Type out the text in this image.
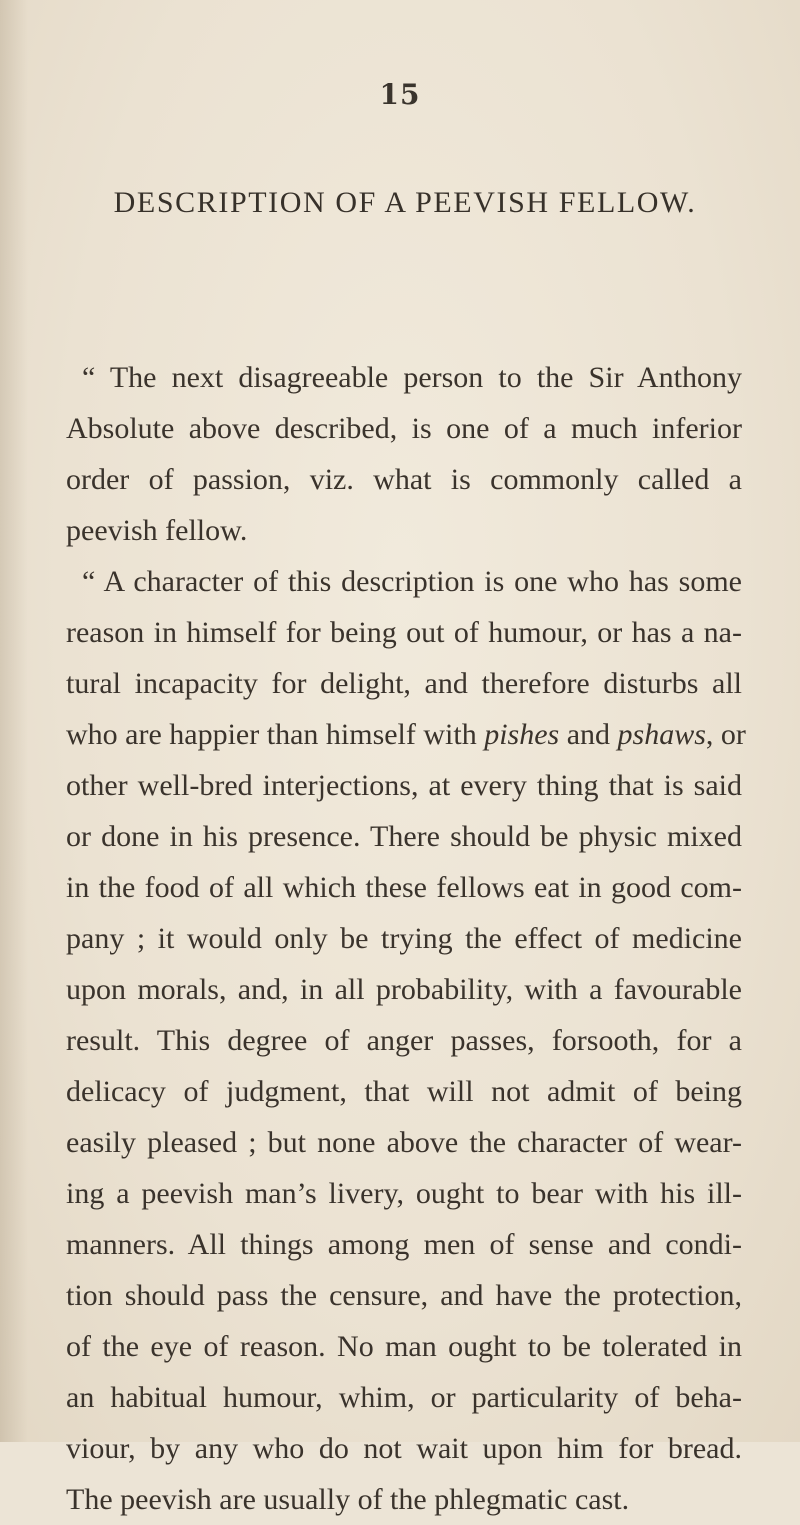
15
DESCRIPTION OF A PEEVISH FELLOW.
“ The next disagreeable person to the Sir Anthony
Absolute above described, is one of a much inferior
order of passion, viz. what is commonly called a
peevish fellow.
“ A character of this description is one who has some
reason in himself for being out of humour, or has a na-
tural incapacity for delight, and therefore disturbs all
who are happier than himself with pishes and pshaws, or
other well-bred interjections, at every thing that is said
or done in his presence. There should be physic mixed
in the food of all which these fellows eat in good com-
pany ; it would only be trying the effect of medicine
upon morals, and, in all probability, with a favourable
result. This degree of anger passes, forsooth, for a
delicacy of judgment, that will not admit of being
easily pleased ; but none above the character of wear-
ing a peevish man’s livery, ought to bear with his ill-
manners. All things among men of sense and condi-
tion should pass the censure, and have the protection,
of the eye of reason. No man ought to be tolerated in
an habitual humour, whim, or particularity of beha-
viour, by any who do not wait upon him for bread.
The peevish are usually of the phlegmatic cast.
